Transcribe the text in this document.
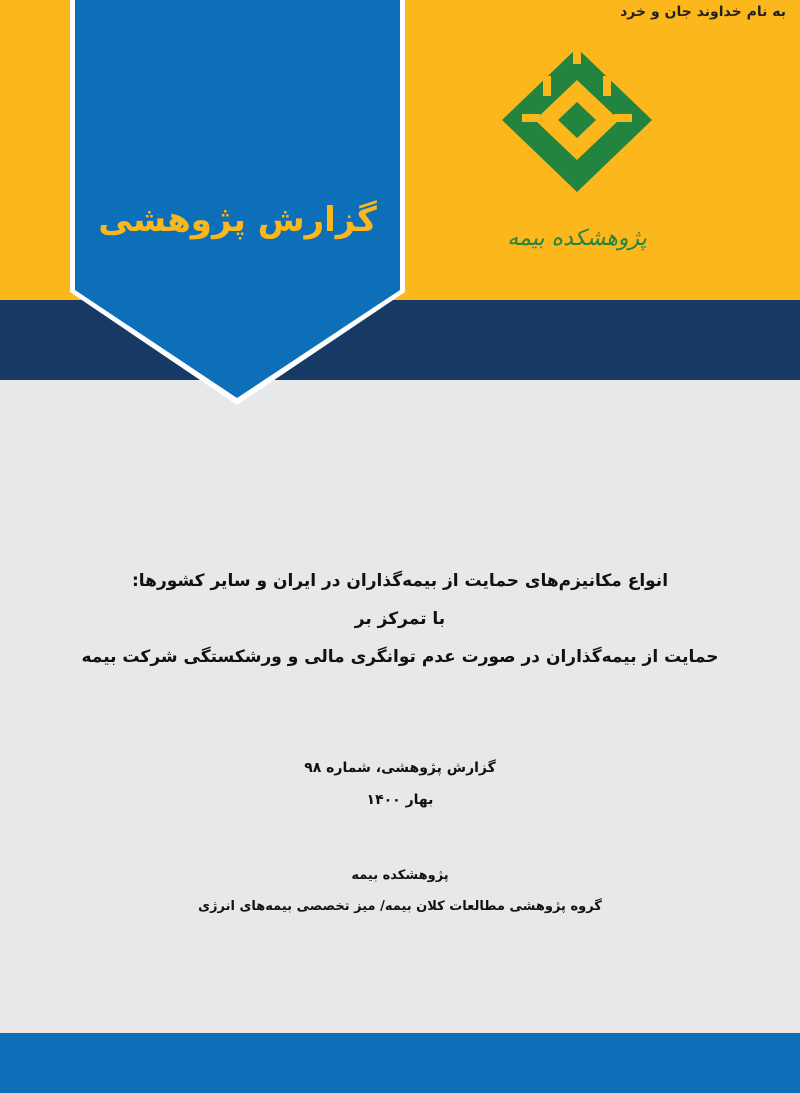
به نام خداوند جان و خرد

گزارش پژوهشی	پژوهشکده بیمه

انواع مکانیزم‌های حمایت از بیمه‌گذاران در ایران و سایر کشورها:

با تمرکز بر

حمایت از بیمه‌گذاران در صورت عدم توانگری مالی و ورشکستگی شرکت بیمه

گزارش پژوهشی، شماره ۹۸

بهار ۱۴۰۰

پژوهشکده بیمه

گروه پژوهشی مطالعات کلان بیمه/ میز تخصصی بیمه‌های انرژی
